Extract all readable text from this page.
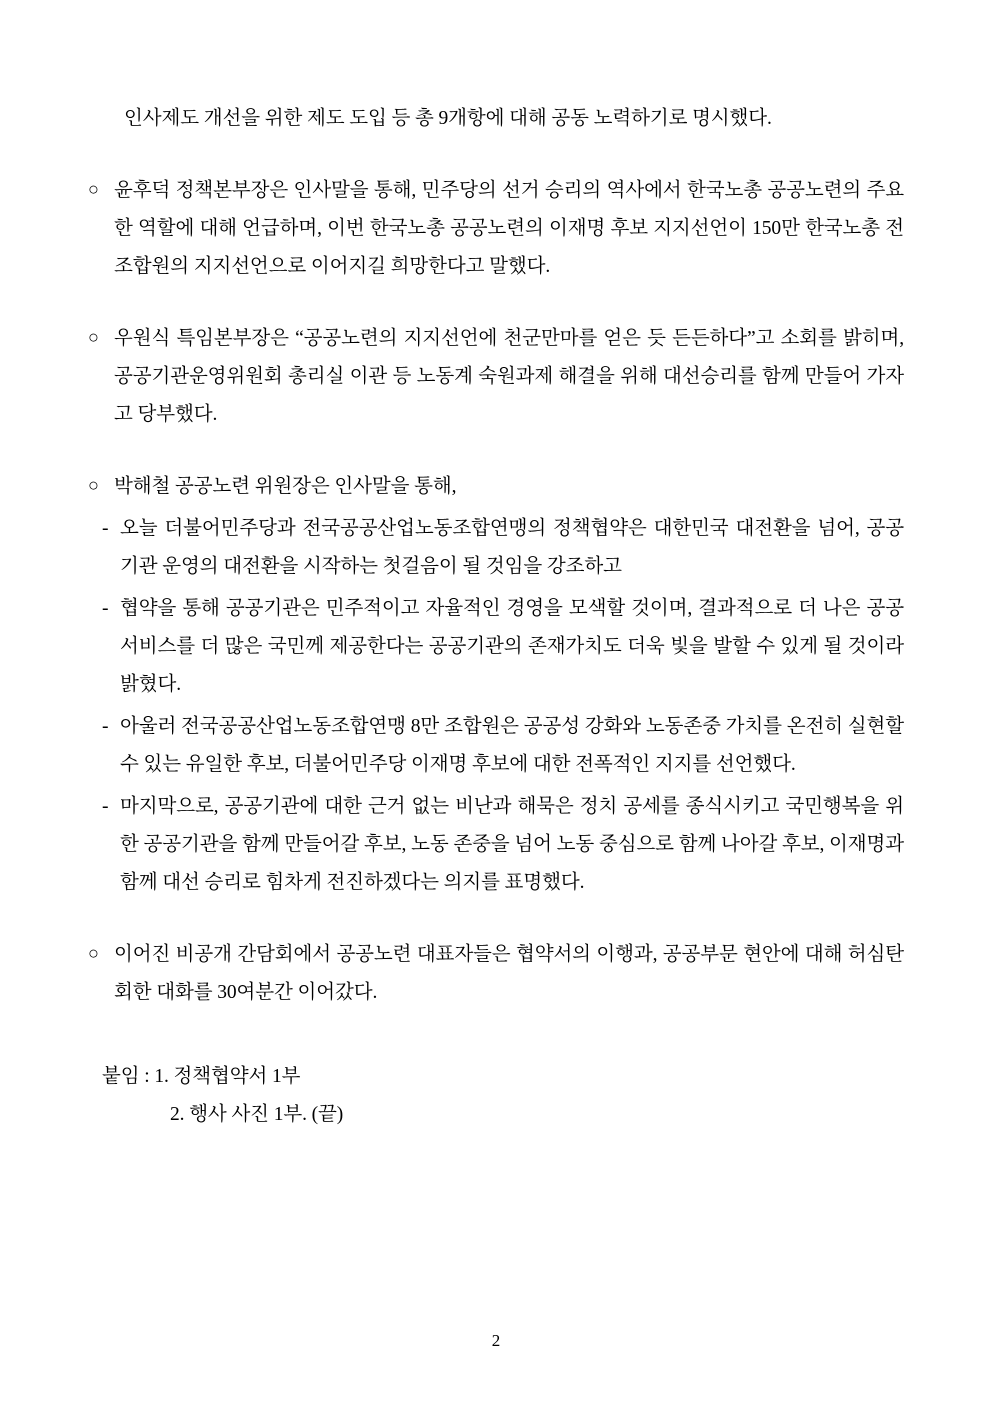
인사제도 개선을 위한 제도 도입 등 총 9개항에 대해 공동 노력하기로 명시했다.

○ 윤후덕 정책본부장은 인사말을 통해, 민주당의 선거 승리의 역사에서 한국노총 공공노련의 주요한 역할에 대해 언급하며, 이번 한국노총 공공노련의 이재명 후보 지지선언이 150만 한국노총 전 조합원의 지지선언으로 이어지길 희망한다고 말했다.
○ 우원식 특임본부장은 “공공노련의 지지선언에 천군만마를 얻은 듯 든든하다”고 소회를 밝히며, 공공기관운영위원회 총리실 이관 등 노동계 숙원과제 해결을 위해 대선승리를 함께 만들어 가자고 당부했다.
○ 박해철 공공노련 위원장은 인사말을 통해,
- 오늘 더불어민주당과 전국공공산업노동조합연맹의 정책협약은 대한민국 대전환을 넘어, 공공기관 운영의 대전환을 시작하는 첫걸음이 될 것임을 강조하고
- 협약을 통해 공공기관은 민주적이고 자율적인 경영을 모색할 것이며, 결과적으로 더 나은 공공서비스를 더 많은 국민께 제공한다는 공공기관의 존재가치도 더욱 빛을 발할 수 있게 될 것이라 밝혔다.
- 아울러 전국공공산업노동조합연맹 8만 조합원은 공공성 강화와 노동존중 가치를 온전히 실현할 수 있는 유일한 후보, 더불어민주당 이재명 후보에 대한 전폭적인 지지를 선언했다.
- 마지막으로, 공공기관에 대한 근거 없는 비난과 해묵은 정치 공세를 종식시키고 국민행복을 위한 공공기관을 함께 만들어갈 후보, 노동 존중을 넘어 노동 중심으로 함께 나아갈 후보, 이재명과 함께 대선 승리로 힘차게 전진하겠다는 의지를 표명했다.
○ 이어진 비공개 간담회에서 공공노련 대표자들은 협약서의 이행과, 공공부문 현안에 대해 허심탄회한 대화를 30여분간 이어갔다.

붙임 : 1. 정책협약서 1부

2. 행사 사진 1부. (끝)

2
